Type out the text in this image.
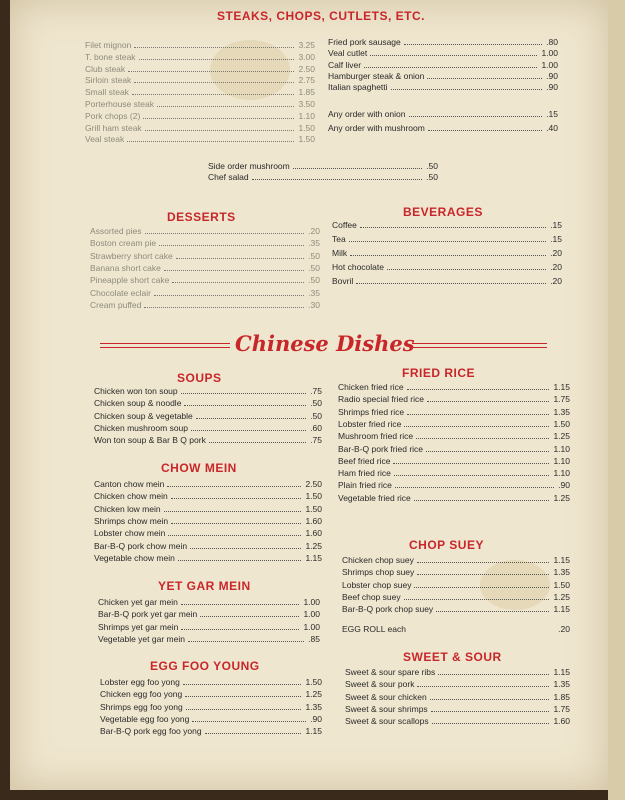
STEAKS, CHOPS, CUTLETS, ETC.
Filet mignon	3.25
T. bone steak	3.00
Club steak	2.50
Sirloin steak	2.75
Small steak	1.85
Porterhouse steak	3.50
Pork chops (2)	1.10
Grill ham steak	1.50
Veal steak	1.50
Fried pork sausage	.80
Veal cutlet	1.00
Calf liver	1.00
Hamburger steak & onion	.90
Italian spaghetti	.90
Any order with onion	.15
Any order with mushroom	.40
Side order mushroom	.50
Chef salad	.50
DESSERTS	BEVERAGES
Assorted pies	.20
Boston cream pie	.35
Strawberry short cake	.50
Banana short cake	.50
Pineapple short cake	.50
Chocolate eclair	.35
Cream puffed	.30
Coffee	.15
Tea	.15
Milk	.20
Hot chocolate	.20
Bovril	.20
Chinese Dishes
SOUPS
Chicken won ton soup	.75
Chicken soup & noodle	.50
Chicken soup & vegetable	.50
Chicken mushroom soup	.60
Won ton soup & Bar B Q pork	.75
CHOW MEIN
Canton chow mein	2.50
Chicken chow mein	1.50
Chicken low mein	1.50
Shrimps chow mein	1.60
Lobster chow mein	1.60
Bar-B-Q pork chow mein	1.25
Vegetable chow mein	1.15
YET GAR MEIN
Chicken yet gar mein	1.00
Bar-B-Q pork yet gar mein	1.00
Shrimps yet gar mein	1.00
Vegetable yet gar mein	.85
EGG FOO YOUNG
Lobster egg foo yong	1.50
Chicken egg foo yong	1.25
Shrimps egg foo yong	1.35
Vegetable egg foo yong	.90
Bar-B-Q pork egg foo yong	1.15
FRIED RICE
Chicken fried rice	1.15
Radio special fried rice	1.75
Shrimps fried rice	1.35
Lobster fried rice	1.50
Mushroom fried rice	1.25
Bar-B-Q pork fried rice	1.10
Beef fried rice	1.10
Ham fried rice	1.10
Plain fried rice	.90
Vegetable fried rice	1.25
CHOP SUEY
Chicken chop suey	1.15
Shrimps chop suey	1.35
Lobster chop suey	1.50
Beef chop suey	1.25
Bar-B-Q pork chop suey	1.15
EGG ROLL each	.20
SWEET & SOUR
Sweet & sour spare ribs	1.15
Sweet & sour pork	1.35
Sweet & sour chicken	1.85
Sweet & sour shrimps	1.75
Sweet & sour scallops	1.60
